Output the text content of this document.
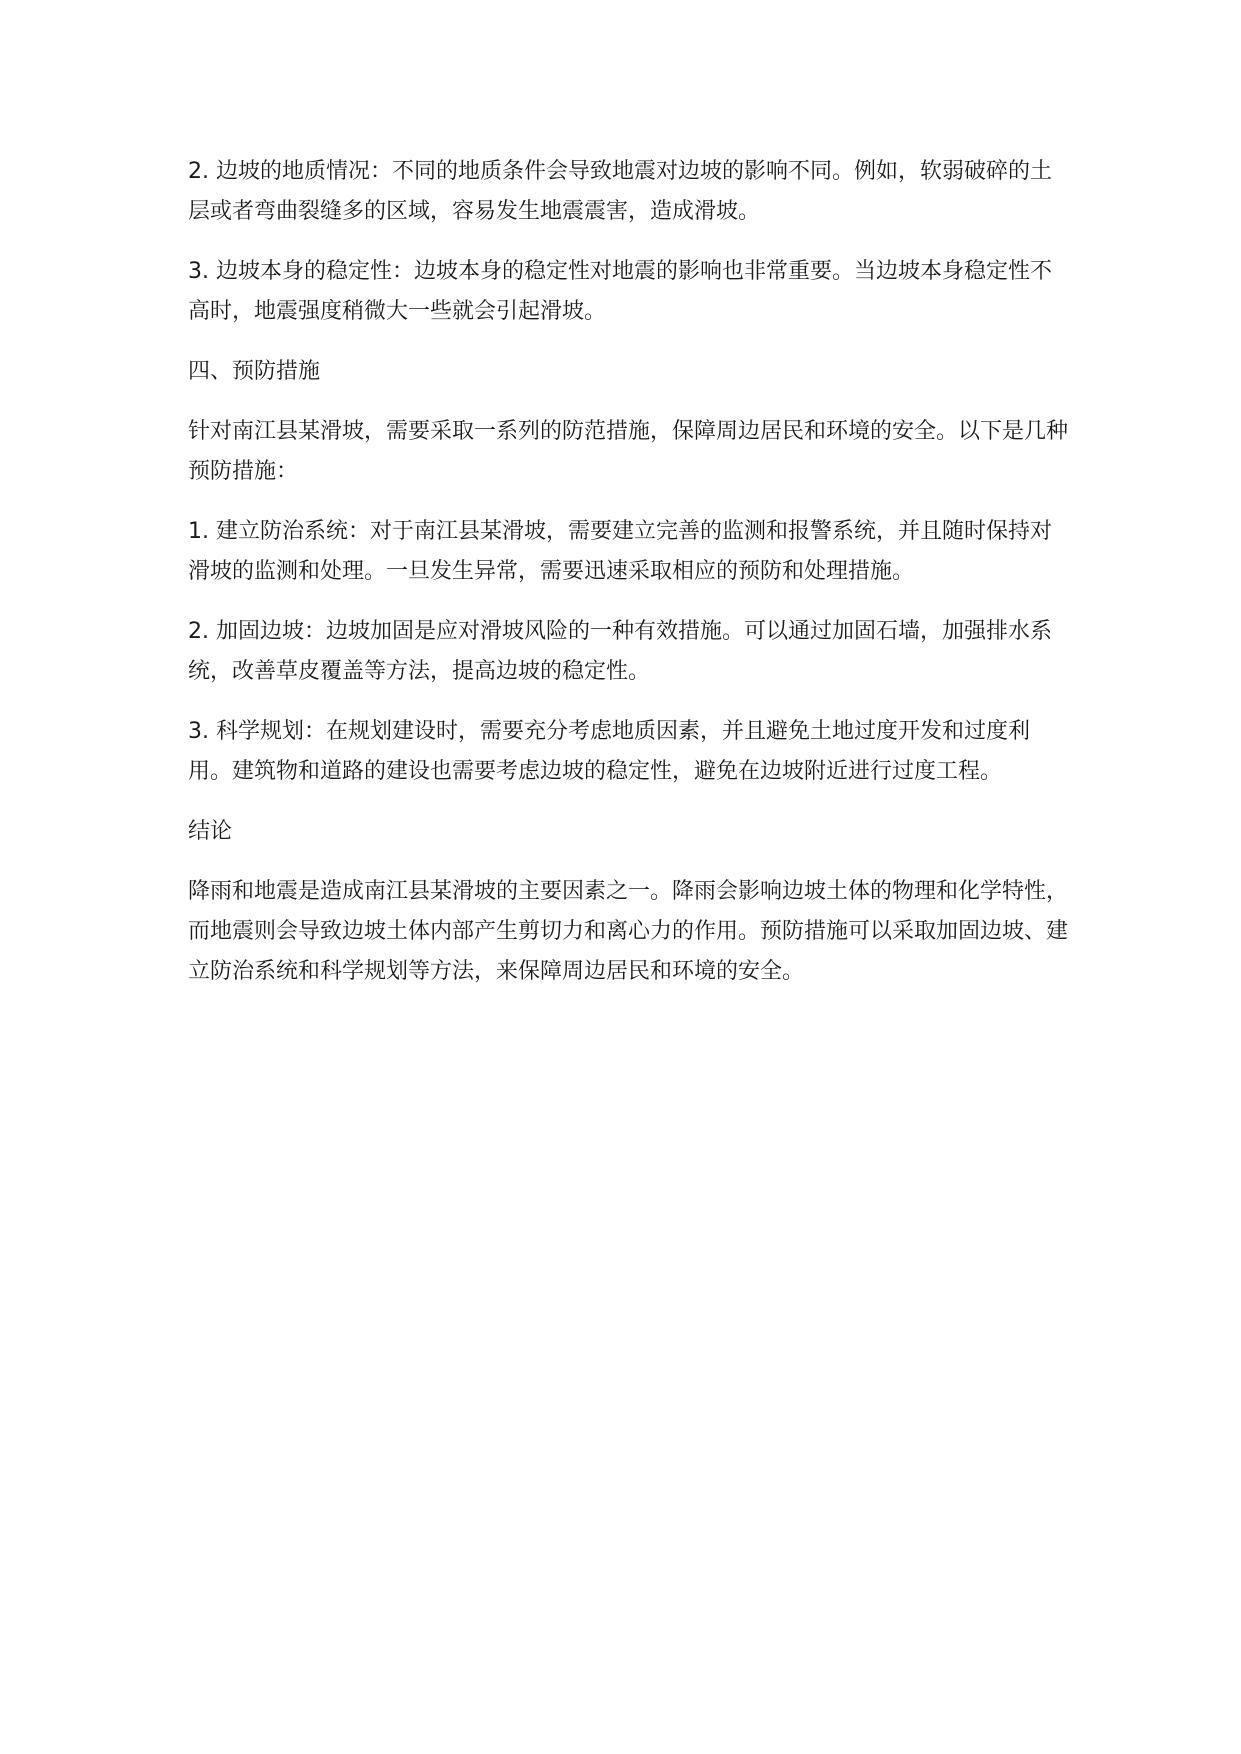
2. 边坡的地质情况：不同的地质条件会导致地震对边坡的影响不同。例如，软弱破碎的土层或者弯曲裂缝多的区域，容易发生地震震害，造成滑坡。

3. 边坡本身的稳定性：边坡本身的稳定性对地震的影响也非常重要。当边坡本身稳定性不高时，地震强度稍微大一些就会引起滑坡。

四、预防措施

针对南江县某滑坡，需要采取一系列的防范措施，保障周边居民和环境的安全。以下是几种预防措施：

1. 建立防治系统：对于南江县某滑坡，需要建立完善的监测和报警系统，并且随时保持对滑坡的监测和处理。一旦发生异常，需要迅速采取相应的预防和处理措施。

2. 加固边坡：边坡加固是应对滑坡风险的一种有效措施。可以通过加固石墙，加强排水系统，改善草皮覆盖等方法，提高边坡的稳定性。

3. 科学规划：在规划建设时，需要充分考虑地质因素，并且避免土地过度开发和过度利用。建筑物和道路的建设也需要考虑边坡的稳定性，避免在边坡附近进行过度工程。

结论

降雨和地震是造成南江县某滑坡的主要因素之一。降雨会影响边坡土体的物理和化学特性，而地震则会导致边坡土体内部产生剪切力和离心力的作用。预防措施可以采取加固边坡、建立防治系统和科学规划等方法，来保障周边居民和环境的安全。
